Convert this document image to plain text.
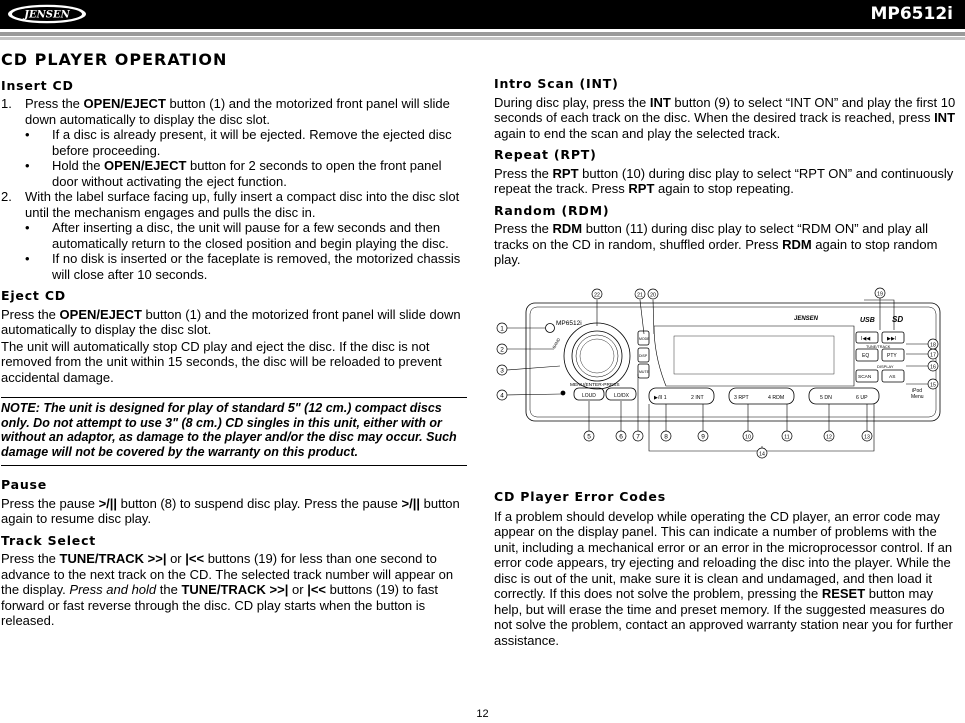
JENSEN	MP6512i
CD PLAYER OPERATION
Insert CD
1.	Press the OPEN/EJECT button (1) and the motorized front panel will slide down automatically to display the disc slot.
•	If a disc is already present, it will be ejected. Remove the ejected disc before proceeding.
•	Hold the OPEN/EJECT button for 2 seconds to open the front panel door without activating the eject function.
2.	With the label surface facing up, fully insert a compact disc into the disc slot until the mechanism engages and pulls the disc in.
•	After inserting a disc, the unit will pause for a few seconds and then automatically return to the closed position and begin playing the disc.
•	If no disk is inserted or the faceplate is removed, the motorized chassis will close after 10 seconds.
Eject CD

Press the OPEN/EJECT button (1) and the motorized front panel will slide down automatically to display the disc slot.

The unit will automatically stop CD play and eject the disc. If the disc is not removed from the unit within 15 seconds, the disc will be reloaded to prevent accidental damage.

NOTE: The unit is designed for play of standard 5" (12 cm.) compact discs only. Do not attempt to use 3" (8 cm.) CD singles in this unit, either with or without an adaptor, as damage to the player and/or the disc may occur. Such damage will not be covered by the warranty on this product.
Pause

Press the pause >/|| button (8) to suspend disc play. Press the pause >/|| button again to resume disc play.

Track Select

Press the TUNE/TRACK >>| or |<< buttons (19) for less than one second to advance to the next track on the CD. The selected track number will appear on the display. Press and hold the TUNE/TRACK >>| or |<< buttons (19) to fast forward or fast reverse through the disc. CD play starts when the button is released.

Intro Scan (INT)

During disc play, press the INT button (9) to select “INT ON” and play the first 10 seconds of each track on the disc. When the desired track is reached, press INT again to end the scan and play the selected track.

Repeat (RPT)

Press the RPT button (10) during disc play to select “RPT ON” and continuously repeat the track. Press RPT again to stop repeating.

Random (RDM)

Press the RDM button (11) during disc play to select “RDM ON” and play all tracks on the CD in random, shuffled order. Press RDM again to stop random play.

MP6512i
JENSEN
MENU/ENTER-PRESS
LOUD	LO/DX	▶/II 1	2 INT	3 RPT	4 RDM	5 DN	6 UP
I◀◀	▶▶I
TUNE/TRACK
EQ	PTY
DISPLAY
SCAN	AS
iPod
Menu
USB SD
BAND	MODE
DISP
MUTE
1
2
3
4
5	6 7	8	9	10	11	12	13
14
15
16
17
18
19
20
21
22
CD Player Error Codes

If a problem should develop while operating the CD player, an error code may appear on the display panel. This can indicate a number of problems with the unit, including a mechanical error or an error in the microprocessor control. If an error code appears, try ejecting and reloading the disc into the player. While the disc is out of the unit, make sure it is clean and undamaged, and then load it correctly. If this does not solve the problem, pressing the RESET button may help, but will erase the time and preset memory. If the suggested measures do not solve the problem, contact an approved warranty station near you for further assistance.

12
